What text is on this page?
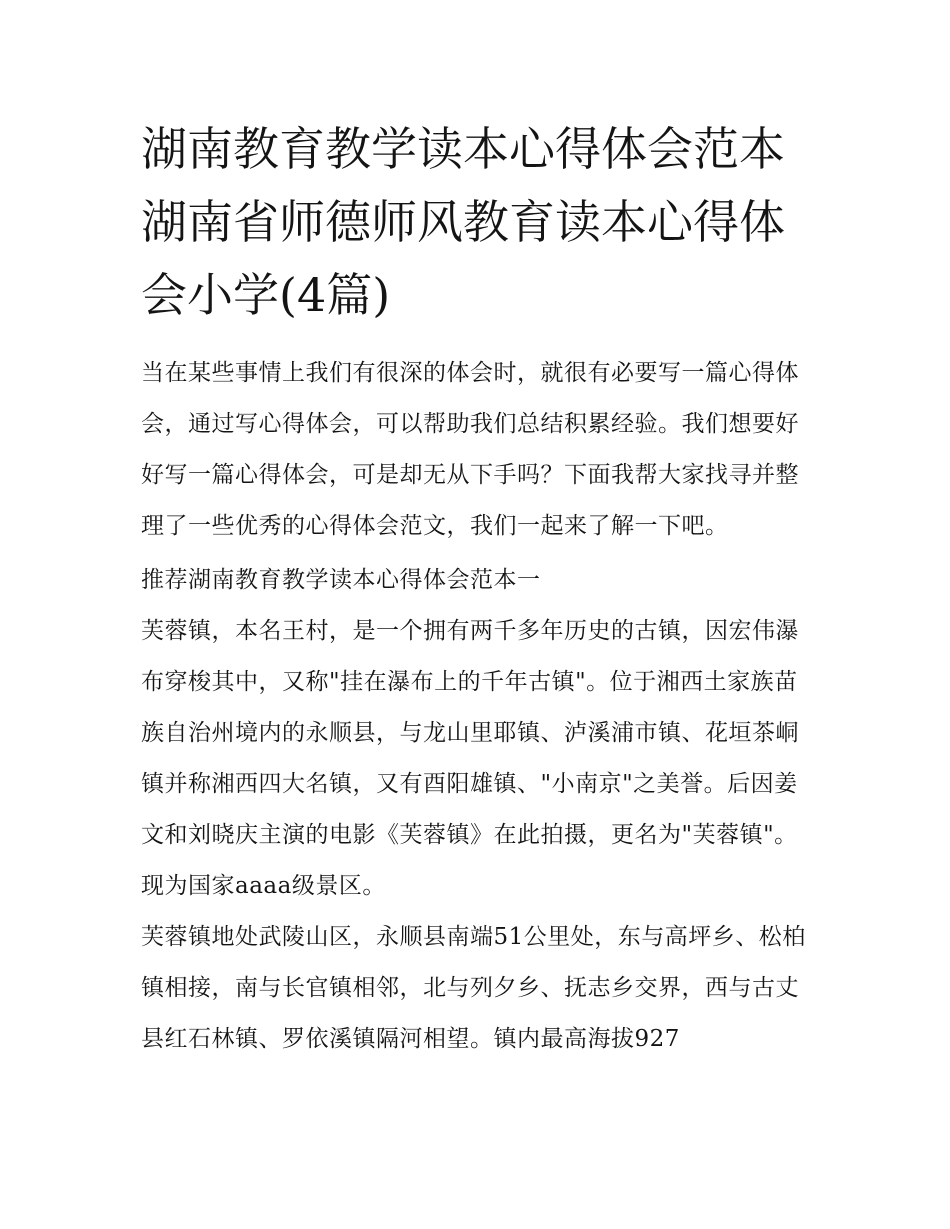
湖南教育教学读本心得体会范本 湖南省师德师风教育读本心得体会小学(4篇)

当在某些事情上我们有很深的体会时，就很有必要写一篇心得体会，通过写心得体会，可以帮助我们总结积累经验。我们想要好好写一篇心得体会，可是却无从下手吗？下面我帮大家找寻并整理了一些优秀的心得体会范文，我们一起来了解一下吧。

推荐湖南教育教学读本心得体会范本一

芙蓉镇，本名王村，是一个拥有两千多年历史的古镇，因宏伟瀑布穿梭其中，又称"挂在瀑布上的千年古镇"。位于湘西土家族苗族自治州境内的永顺县，与龙山里耶镇、泸溪浦市镇、花垣茶峒镇并称湘西四大名镇，又有酉阳雄镇、"小南京"之美誉。后因姜文和刘晓庆主演的电影《芙蓉镇》在此拍摄，更名为"芙蓉镇"。现为国家aaaa级景区。

芙蓉镇地处武陵山区，永顺县南端51公里处，东与高坪乡、松柏镇相接，南与长官镇相邻，北与列夕乡、抚志乡交界，西与古丈县红石林镇、罗依溪镇隔河相望。镇内最高海拔927
